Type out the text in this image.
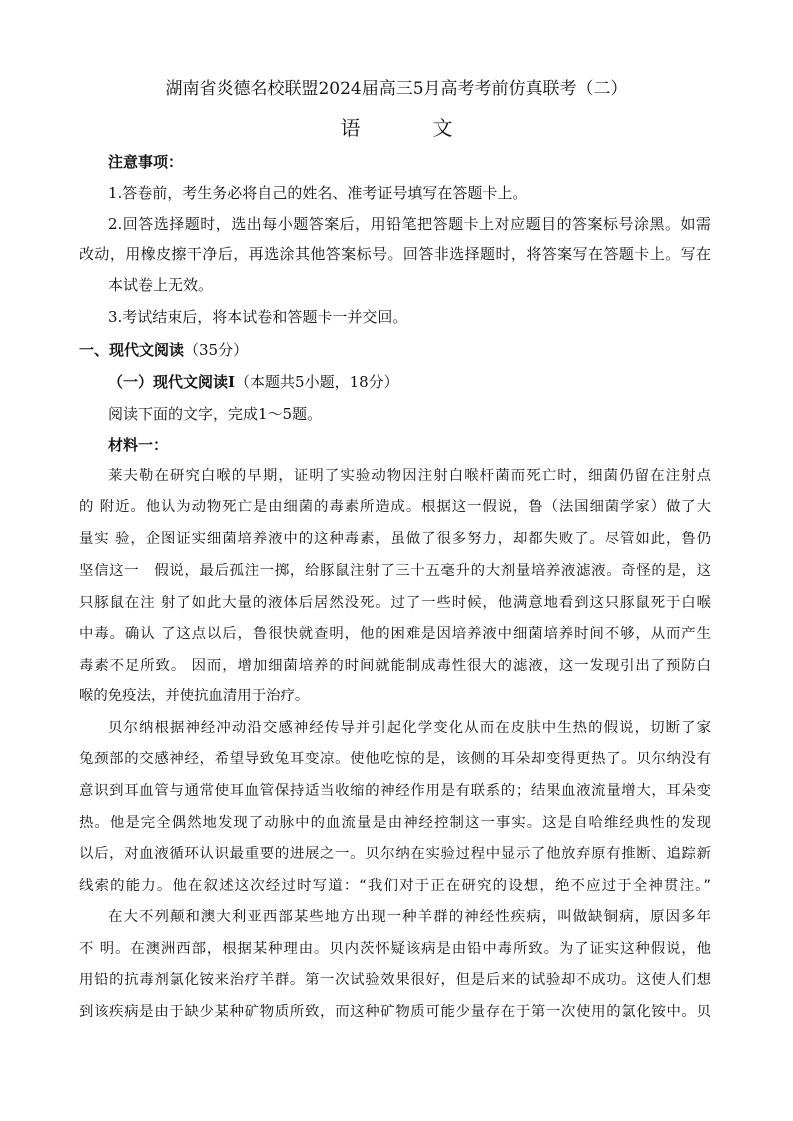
湖南省炎德名校联盟2024届高三5月高考考前仿真联考（二）
语　文
注意事项：
1.答卷前，考生务必将自己的姓名、准考证号填写在答题卡上。
2.回答选择题时，选出每小题答案后，用铅笔把答题卡上对应题目的答案标号涂黑。如需
改动，用橡皮擦干净后，再选涂其他答案标号。回答非选择题时，将答案写在答题卡上。写在
本试卷上无效。
3.考试结束后，将本试卷和答题卡一并交回。
一、现代文阅读（35分）
（一）现代文阅读Ⅰ（本题共5小题，18分）
阅读下面的文字，完成1～5题。
材料一：
莱夫勒在研究白喉的早期，证明了实验动物因注射白喉杆菌而死亡时，细菌仍留在注射点
的 附近。他认为动物死亡是由细菌的毒素所造成。根据这一假说，鲁（法国细菌学家）做了大
量实 验，企图证实细菌培养液中的这种毒素，虽做了很多努力，却都失败了。尽管如此，鲁仍
坚信这一　假说，最后孤注一掷，给豚鼠注射了三十五毫升的大剂量培养液滤液。奇怪的是，这
只豚鼠在注 射了如此大量的液体后居然没死。过了一些时候，他满意地看到这只豚鼠死于白喉
中毒。确认 了这点以后，鲁很快就查明，他的困难是因培养液中细菌培养时间不够，从而产生
毒素不足所致。 因而，增加细菌培养的时间就能制成毒性很大的滤液，这一发现引出了预防白
喉的免疫法，并使抗血清用于治疗。
贝尔纳根据神经冲动沿交感神经传导并引起化学变化从而在皮肤中生热的假说，切断了家
兔颈部的交感神经，希望导致兔耳变凉。使他吃惊的是，该侧的耳朵却变得更热了。贝尔纳没有
意识到耳血管与通常使耳血管保持适当收缩的神经作用是有联系的；结果血液流量增大，耳朵变
热。他是完全偶然地发现了动脉中的血流量是由神经控制这一事实。这是自哈维经典性的发现
以后，对血液循环认识最重要的进展之一。贝尔纳在实验过程中显示了他放弃原有推断、追踪新
线索的能力。他在叙述这次经过时写道：“我们对于正在研究的设想，绝不应过于全神贯注。”
在大不列颠和澳大利亚西部某些地方出现一种羊群的神经性疾病，叫做缺铜病，原因多年
不 明。在澳洲西部，根据某种理由。贝内茨怀疑该病是由铅中毒所致。为了证实这种假说，他
用铅的抗毒剂氯化铵来治疗羊群。第一次试验效果很好，但是后来的试验却不成功。这使人们想
到该疾病是由于缺少某种矿物质所致，而这种矿物质可能少量存在于第一次使用的氯化铵中。贝
